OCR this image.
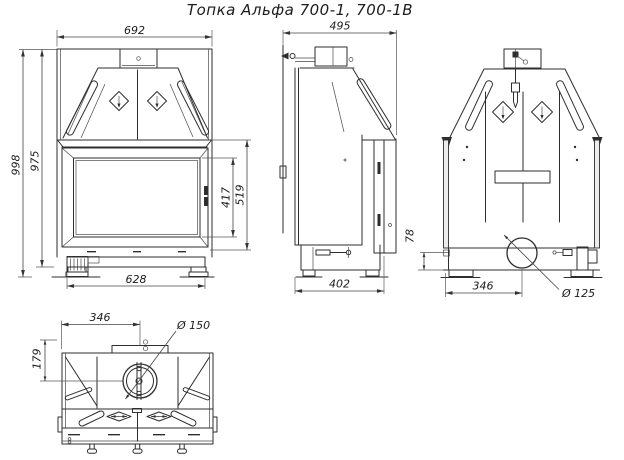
Топка Альфа 700-1, 700-1В
692
998 975
628
417 519
495
402
78
Ø 125
346
346
Ø 150
179
